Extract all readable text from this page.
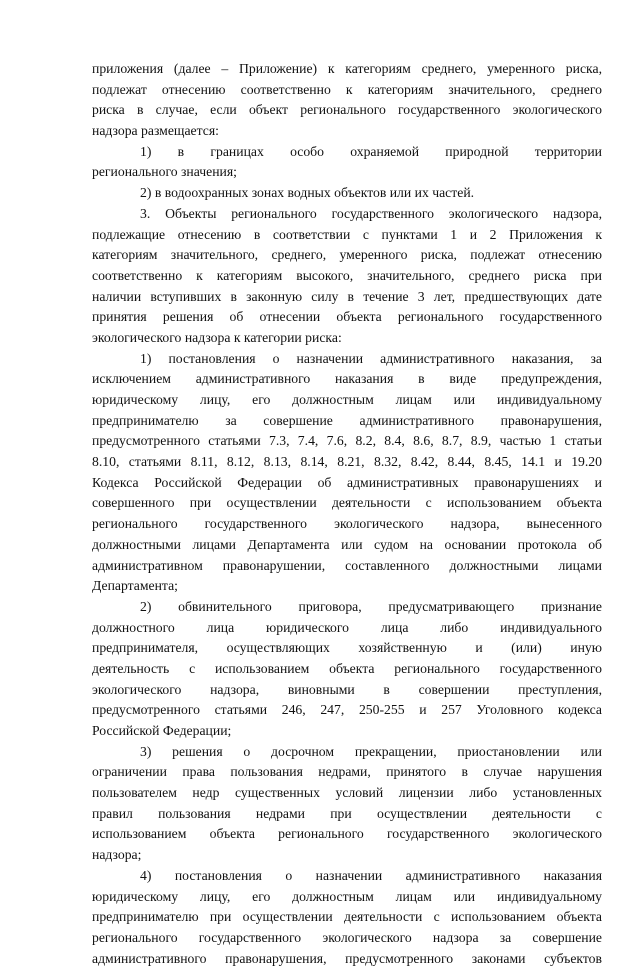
приложения (далее – Приложение) к категориям среднего, умеренного риска,
подлежат отнесению соответственно к категориям значительного, среднего
риска в случае, если объект регионального государственного экологического
надзора размещается:
1) в границах особо охраняемой природной территории
регионального значения;
2) в водоохранных зонах водных объектов или их частей.
3. Объекты регионального государственного экологического надзора,
подлежащие отнесению в соответствии с пунктами 1 и 2 Приложения к
категориям значительного, среднего, умеренного риска, подлежат отнесению
соответственно к категориям высокого, значительного, среднего риска при
наличии вступивших в законную силу в течение 3 лет, предшествующих дате
принятия решения об отнесении объекта регионального государственного
экологического надзора к категории риска:
1) постановления о назначении административного наказания, за
исключением административного наказания в виде предупреждения,
юридическому лицу, его должностным лицам или индивидуальному
предпринимателю за совершение административного правонарушения,
предусмотренного статьями 7.3, 7.4, 7.6, 8.2, 8.4, 8.6, 8.7, 8.9, частью 1 статьи
8.10, статьями 8.11, 8.12, 8.13, 8.14, 8.21, 8.32, 8.42, 8.44, 8.45, 14.1 и 19.20
Кодекса Российской Федерации об административных правонарушениях и
совершенного при осуществлении деятельности с использованием объекта
регионального государственного экологического надзора, вынесенного
должностными лицами Департамента или судом на основании протокола об
административном правонарушении, составленного должностными лицами
Департамента;
2) обвинительного приговора, предусматривающего признание
должностного лица юридического лица либо индивидуального
предпринимателя, осуществляющих хозяйственную и (или) иную
деятельность с использованием объекта регионального государственного
экологического надзора, виновными в совершении преступления,
предусмотренного статьями 246, 247, 250-255 и 257 Уголовного кодекса
Российской Федерации;
3) решения о досрочном прекращении, приостановлении или
ограничении права пользования недрами, принятого в случае нарушения
пользователем недр существенных условий лицензии либо установленных
правил пользования недрами при осуществлении деятельности с
использованием объекта регионального государственного экологического
надзора;
4) постановления о назначении административного наказания
юридическому лицу, его должностным лицам или индивидуальному
предпринимателю при осуществлении деятельности с использованием объекта
регионального государственного экологического надзора за совершение
административного правонарушения, предусмотренного законами субъектов
